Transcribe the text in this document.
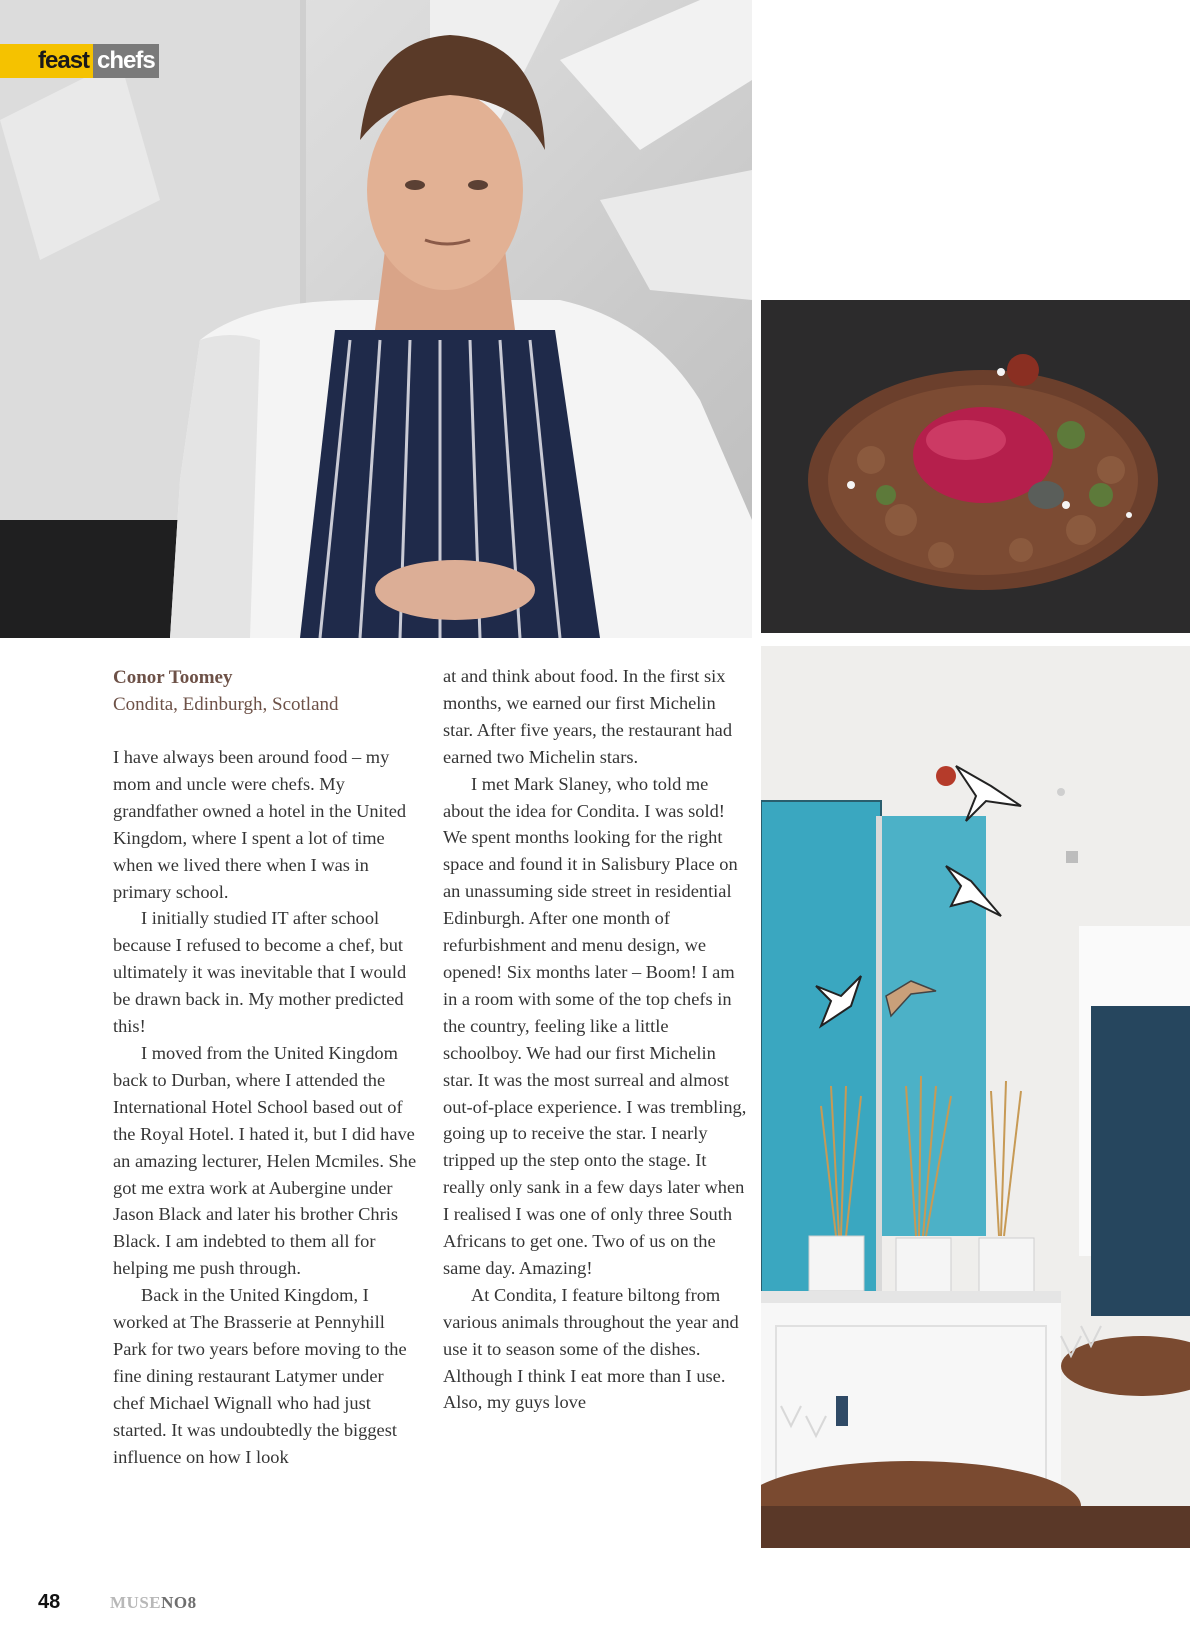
feast chefs
Conor Toomey
Condita, Edinburgh, Scotland

I have always been around food – my mom and uncle were chefs. My grandfather owned a hotel in the United Kingdom, where I spent a lot of time when we lived there when I was in primary school.

I initially studied IT after school because I refused to become a chef, but ultimately it was inevitable that I would be drawn back in. My mother predicted this!

I moved from the United Kingdom back to Durban, where I attended the International Hotel School based out of the Royal Hotel. I hated it, but I did have an amazing lecturer, Helen Mcmiles. She got me extra work at Aubergine under Jason Black and later his brother Chris Black. I am indebted to them all for helping me push through.

Back in the United Kingdom, I worked at The Brasserie at Pennyhill Park for two years before moving to the fine dining restaurant Latymer under chef Michael Wignall who had just started. It was undoubtedly the biggest influence on how I look

at and think about food. In the first six months, we earned our first Michelin star. After five years, the restaurant had earned two Michelin stars.

I met Mark Slaney, who told me about the idea for Condita. I was sold! We spent months looking for the right space and found it in Salisbury Place on an unassuming side street in residential Edinburgh. After one month of refurbishment and menu design, we opened! Six months later – Boom! I am in a room with some of the top chefs in the country, feeling like a little schoolboy. We had our first Michelin star. It was the most surreal and almost out-of-place experience. I was trembling, going up to receive the star. I nearly tripped up the step onto the stage. It really only sank in a few days later when I realised I was one of only three South Africans to get one. Two of us on the same day. Amazing!

At Condita, I feature biltong from various animals throughout the year and use it to season some of the dishes. Although I think I eat more than I use. Also, my guys love

48	MUSENO8
